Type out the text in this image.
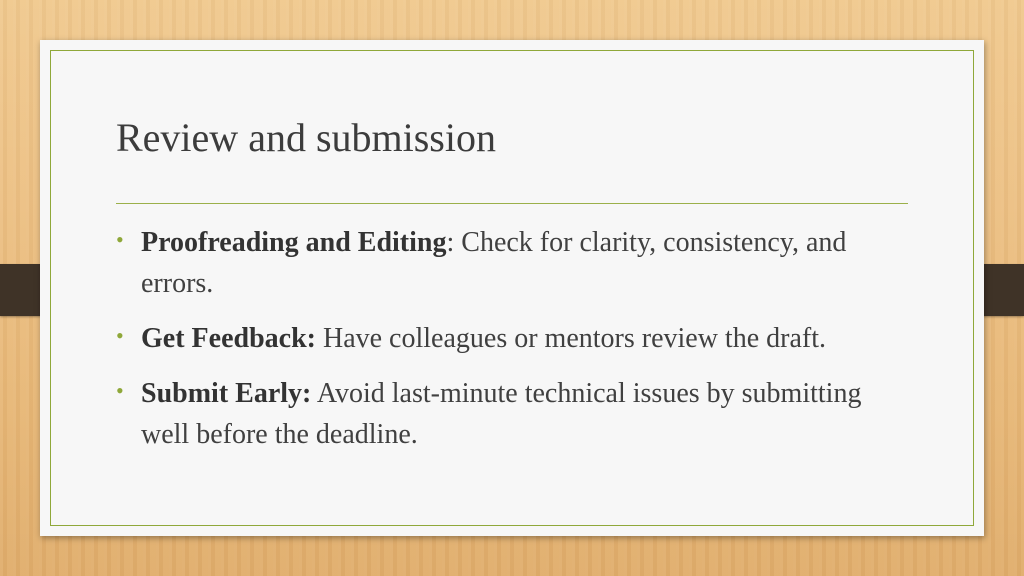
Review and submission
• Proofreading and Editing: Check for clarity, consistency, and errors.
• Get Feedback: Have colleagues or mentors review the draft.
• Submit Early: Avoid last-minute technical issues by submitting well before the deadline.
